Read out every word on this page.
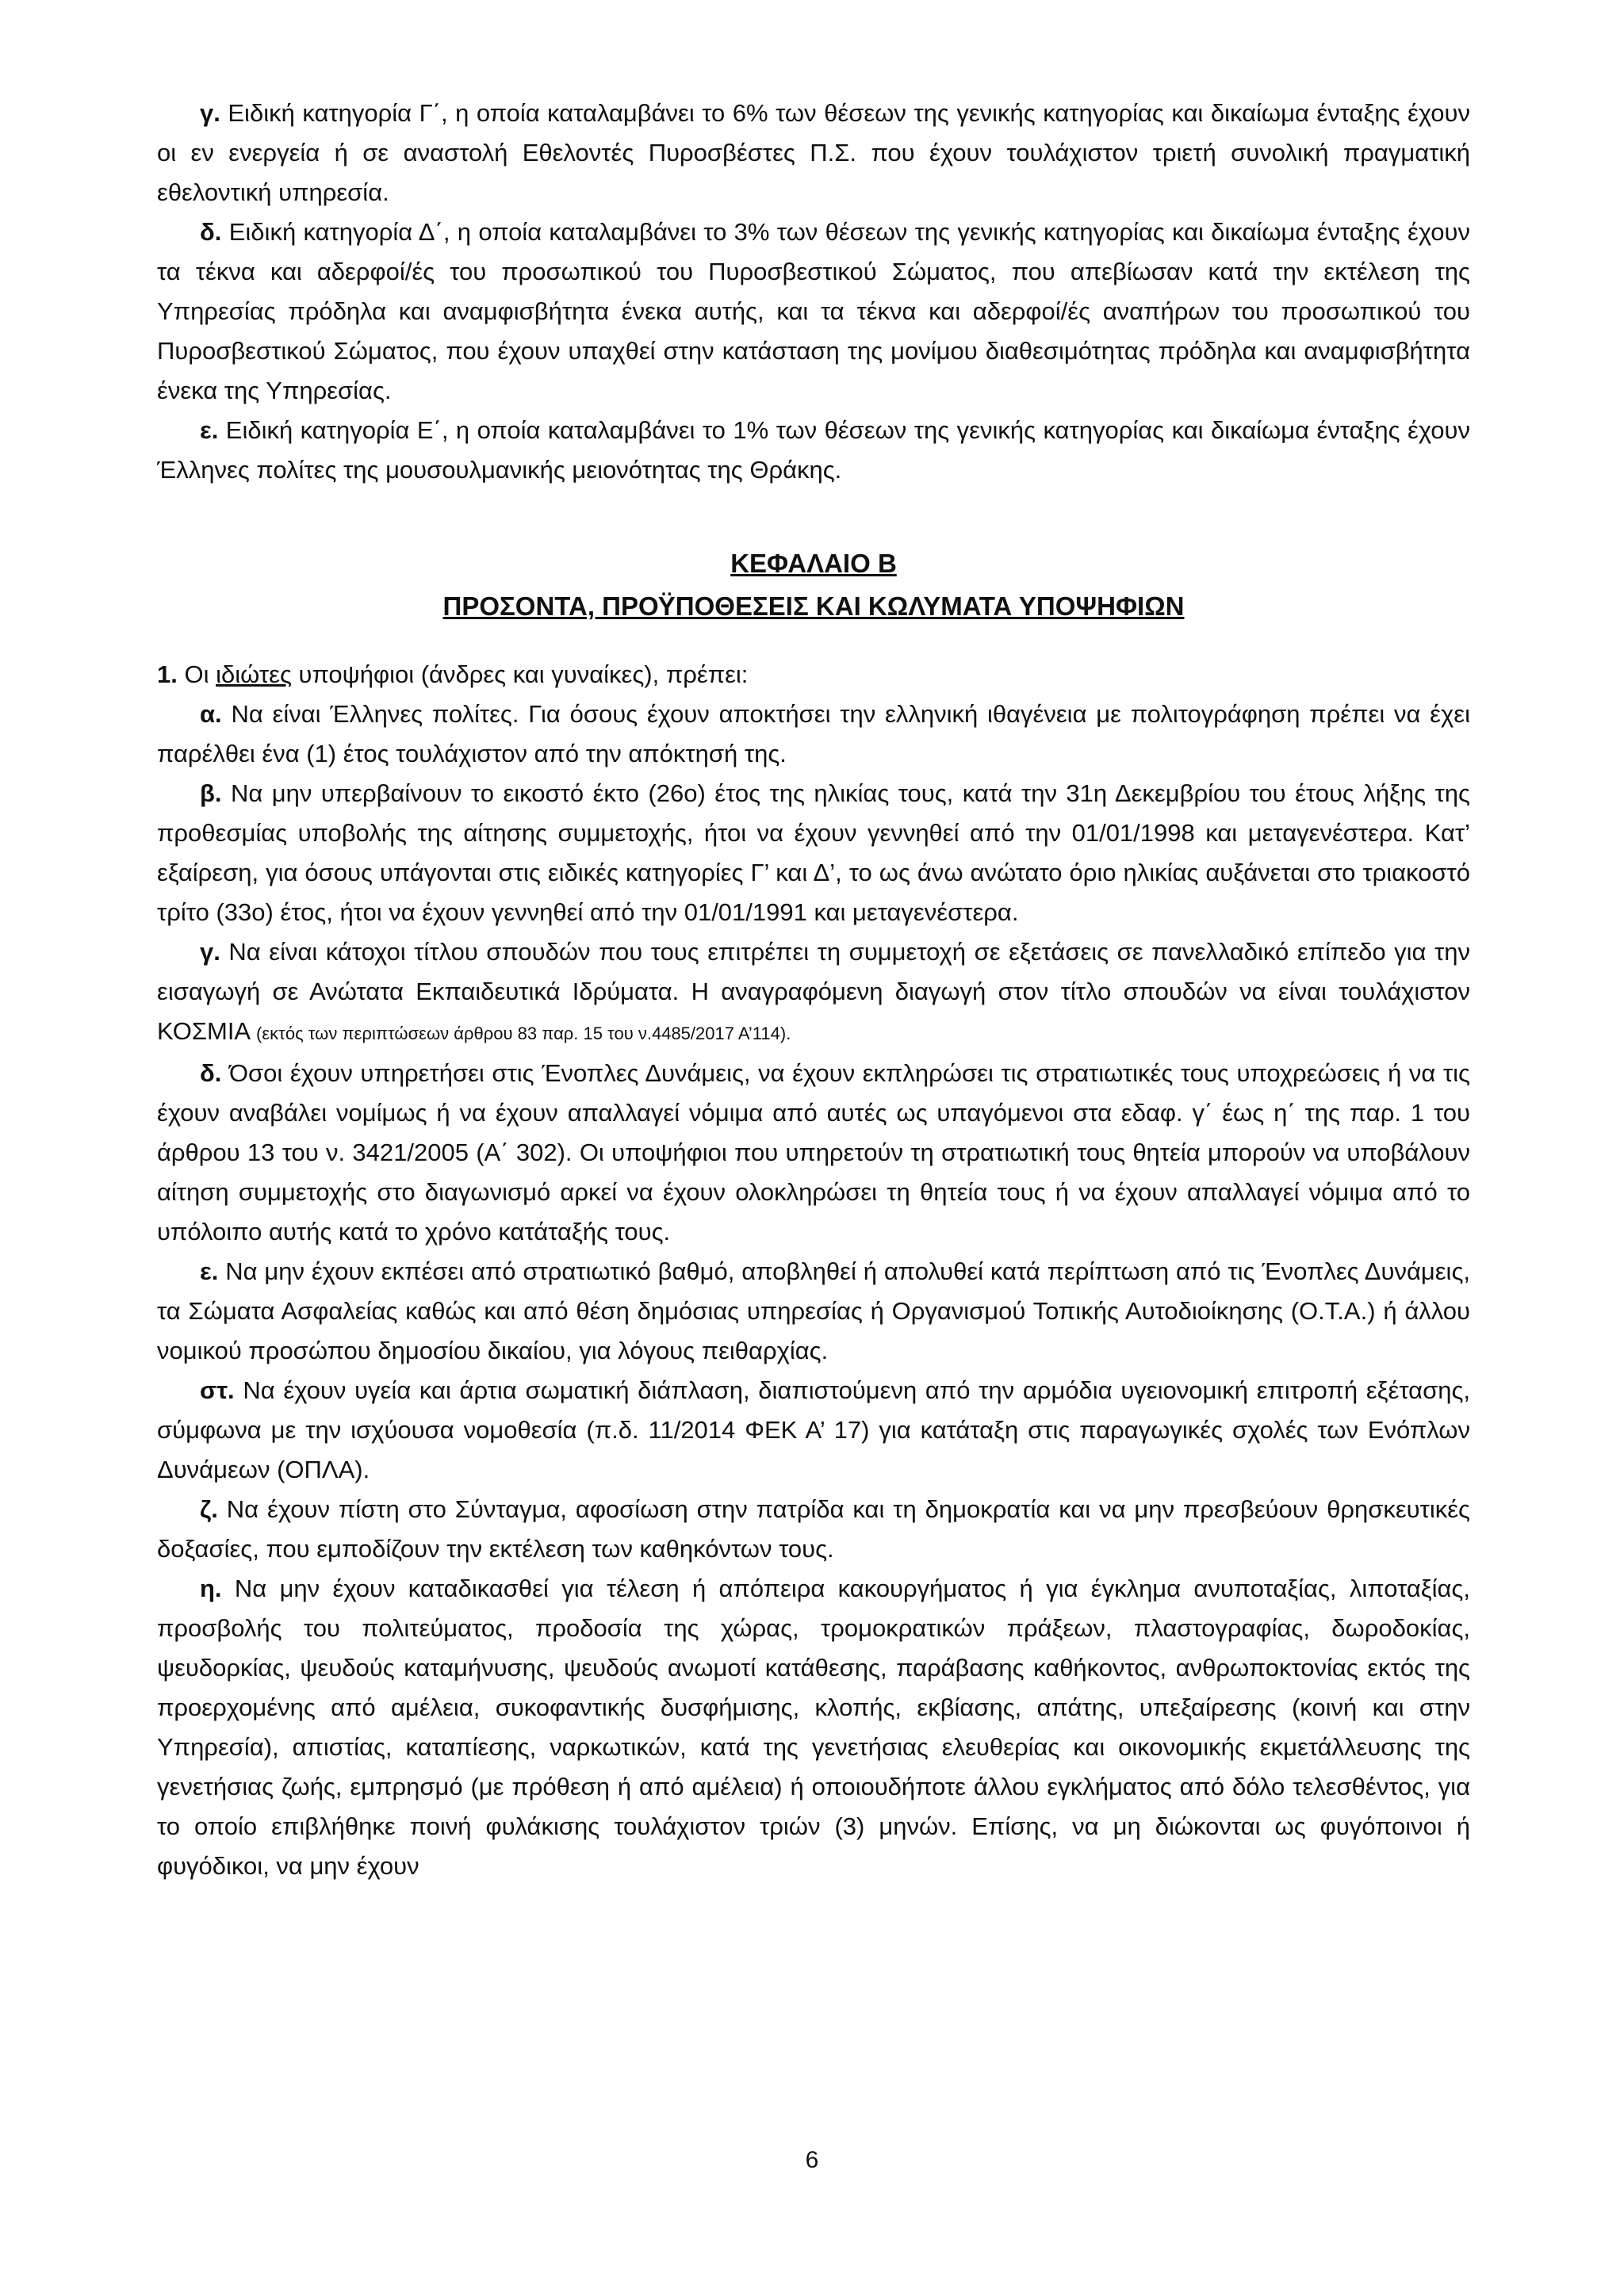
γ. Ειδική κατηγορία Γ΄, η οποία καταλαμβάνει το 6% των θέσεων της γενικής κατηγορίας και δικαίωμα ένταξης έχουν οι εν ενεργεία ή σε αναστολή Εθελοντές Πυροσβέστες Π.Σ. που έχουν τουλάχιστον τριετή συνολική πραγματική εθελοντική υπηρεσία.

δ. Ειδική κατηγορία Δ΄, η οποία καταλαμβάνει το 3% των θέσεων της γενικής κατηγορίας και δικαίωμα ένταξης έχουν τα τέκνα και αδερφοί/ές του προσωπικού του Πυροσβεστικού Σώματος, που απεβίωσαν κατά την εκτέλεση της Υπηρεσίας πρόδηλα και αναμφισβήτητα ένεκα αυτής, και τα τέκνα και αδερφοί/ές αναπήρων του προσωπικού του Πυροσβεστικού Σώματος, που έχουν υπαχθεί στην κατάσταση της μονίμου διαθεσιμότητας πρόδηλα και αναμφισβήτητα ένεκα της Υπηρεσίας.

ε. Ειδική κατηγορία Ε΄, η οποία καταλαμβάνει το 1% των θέσεων της γενικής κατηγορίας και δικαίωμα ένταξης έχουν Έλληνες πολίτες της μουσουλμανικής μειονότητας της Θράκης.

ΚΕΦΑΛΑΙΟ Β
ΠΡΟΣΟΝΤΑ, ΠΡΟΫΠΟΘΕΣΕΙΣ ΚΑΙ ΚΩΛΥΜΑΤΑ ΥΠΟΨΗΦΙΩΝ

1. Οι ιδιώτες υποψήφιοι (άνδρες και γυναίκες), πρέπει:

α. Να είναι Έλληνες πολίτες. Για όσους έχουν αποκτήσει την ελληνική ιθαγένεια με πολιτογράφηση πρέπει να έχει παρέλθει ένα (1) έτος τουλάχιστον από την απόκτησή της.

β. Να μην υπερβαίνουν το εικοστό έκτο (26ο) έτος της ηλικίας τους, κατά την 31η Δεκεμβρίου του έτους λήξης της προθεσμίας υποβολής της αίτησης συμμετοχής, ήτοι να έχουν γεννηθεί από την 01/01/1998 και μεταγενέστερα. Κατ’ εξαίρεση, για όσους υπάγονται στις ειδικές κατηγορίες Γ’ και Δ’, το ως άνω ανώτατο όριο ηλικίας αυξάνεται στο τριακοστό τρίτο (33ο) έτος, ήτοι να έχουν γεννηθεί από την 01/01/1991 και μεταγενέστερα.

γ. Να είναι κάτοχοι τίτλου σπουδών που τους επιτρέπει τη συμμετοχή σε εξετάσεις σε πανελλαδικό επίπεδο για την εισαγωγή σε Ανώτατα Εκπαιδευτικά Ιδρύματα. Η αναγραφόμενη διαγωγή στον τίτλο σπουδών να είναι τουλάχιστον ΚΟΣΜΙΑ (εκτός των περιπτώσεων άρθρου 83 παρ. 15 του ν.4485/2017 Α’114).

δ. Όσοι έχουν υπηρετήσει στις Ένοπλες Δυνάμεις, να έχουν εκπληρώσει τις στρατιωτικές τους υποχρεώσεις ή να τις έχουν αναβάλει νομίμως ή να έχουν απαλλαγεί νόμιμα από αυτές ως υπαγόμενοι στα εδαφ. γ΄ έως η΄ της παρ. 1 του άρθρου 13 του ν. 3421/2005 (Α΄ 302). Οι υποψήφιοι που υπηρετούν τη στρατιωτική τους θητεία μπορούν να υποβάλουν αίτηση συμμετοχής στο διαγωνισμό αρκεί να έχουν ολοκληρώσει τη θητεία τους ή να έχουν απαλλαγεί νόμιμα από το υπόλοιπο αυτής κατά το χρόνο κατάταξής τους.

ε. Να μην έχουν εκπέσει από στρατιωτικό βαθμό, αποβληθεί ή απολυθεί κατά περίπτωση από τις Ένοπλες Δυνάμεις, τα Σώματα Ασφαλείας καθώς και από θέση δημόσιας υπηρεσίας ή Οργανισμού Τοπικής Αυτοδιοίκησης (Ο.Τ.Α.) ή άλλου νομικού προσώπου δημοσίου δικαίου, για λόγους πειθαρχίας.

στ. Να έχουν υγεία και άρτια σωματική διάπλαση, διαπιστούμενη από την αρμόδια υγειονομική επιτροπή εξέτασης, σύμφωνα με την ισχύουσα νομοθεσία (π.δ. 11/2014 ΦΕΚ Α’ 17) για κατάταξη στις παραγωγικές σχολές των Ενόπλων Δυνάμεων (ΟΠΛΑ).

ζ. Να έχουν πίστη στο Σύνταγμα, αφοσίωση στην πατρίδα και τη δημοκρατία και να μην πρεσβεύουν θρησκευτικές δοξασίες, που εμποδίζουν την εκτέλεση των καθηκόντων τους.

η. Να μην έχουν καταδικασθεί για τέλεση ή απόπειρα κακουργήματος ή για έγκλημα ανυποταξίας, λιποταξίας, προσβολής του πολιτεύματος, προδοσία της χώρας, τρομοκρατικών πράξεων, πλαστογραφίας, δωροδοκίας, ψευδορκίας, ψευδούς καταμήνυσης, ψευδούς ανωμοτί κατάθεσης, παράβασης καθήκοντος, ανθρωποκτονίας εκτός της προερχομένης από αμέλεια, συκοφαντικής δυσφήμισης, κλοπής, εκβίασης, απάτης, υπεξαίρεσης (κοινή και στην Υπηρεσία), απιστίας, καταπίεσης, ναρκωτικών, κατά της γενετήσιας ελευθερίας και οικονομικής εκμετάλλευσης της γενετήσιας ζωής, εμπρησμό (με πρόθεση ή από αμέλεια) ή οποιουδήποτε άλλου εγκλήματος από δόλο τελεσθέντος, για το οποίο επιβλήθηκε ποινή φυλάκισης τουλάχιστον τριών (3) μηνών. Επίσης, να μη διώκονται ως φυγόποινοι ή φυγόδικοι, να μην έχουν

6
